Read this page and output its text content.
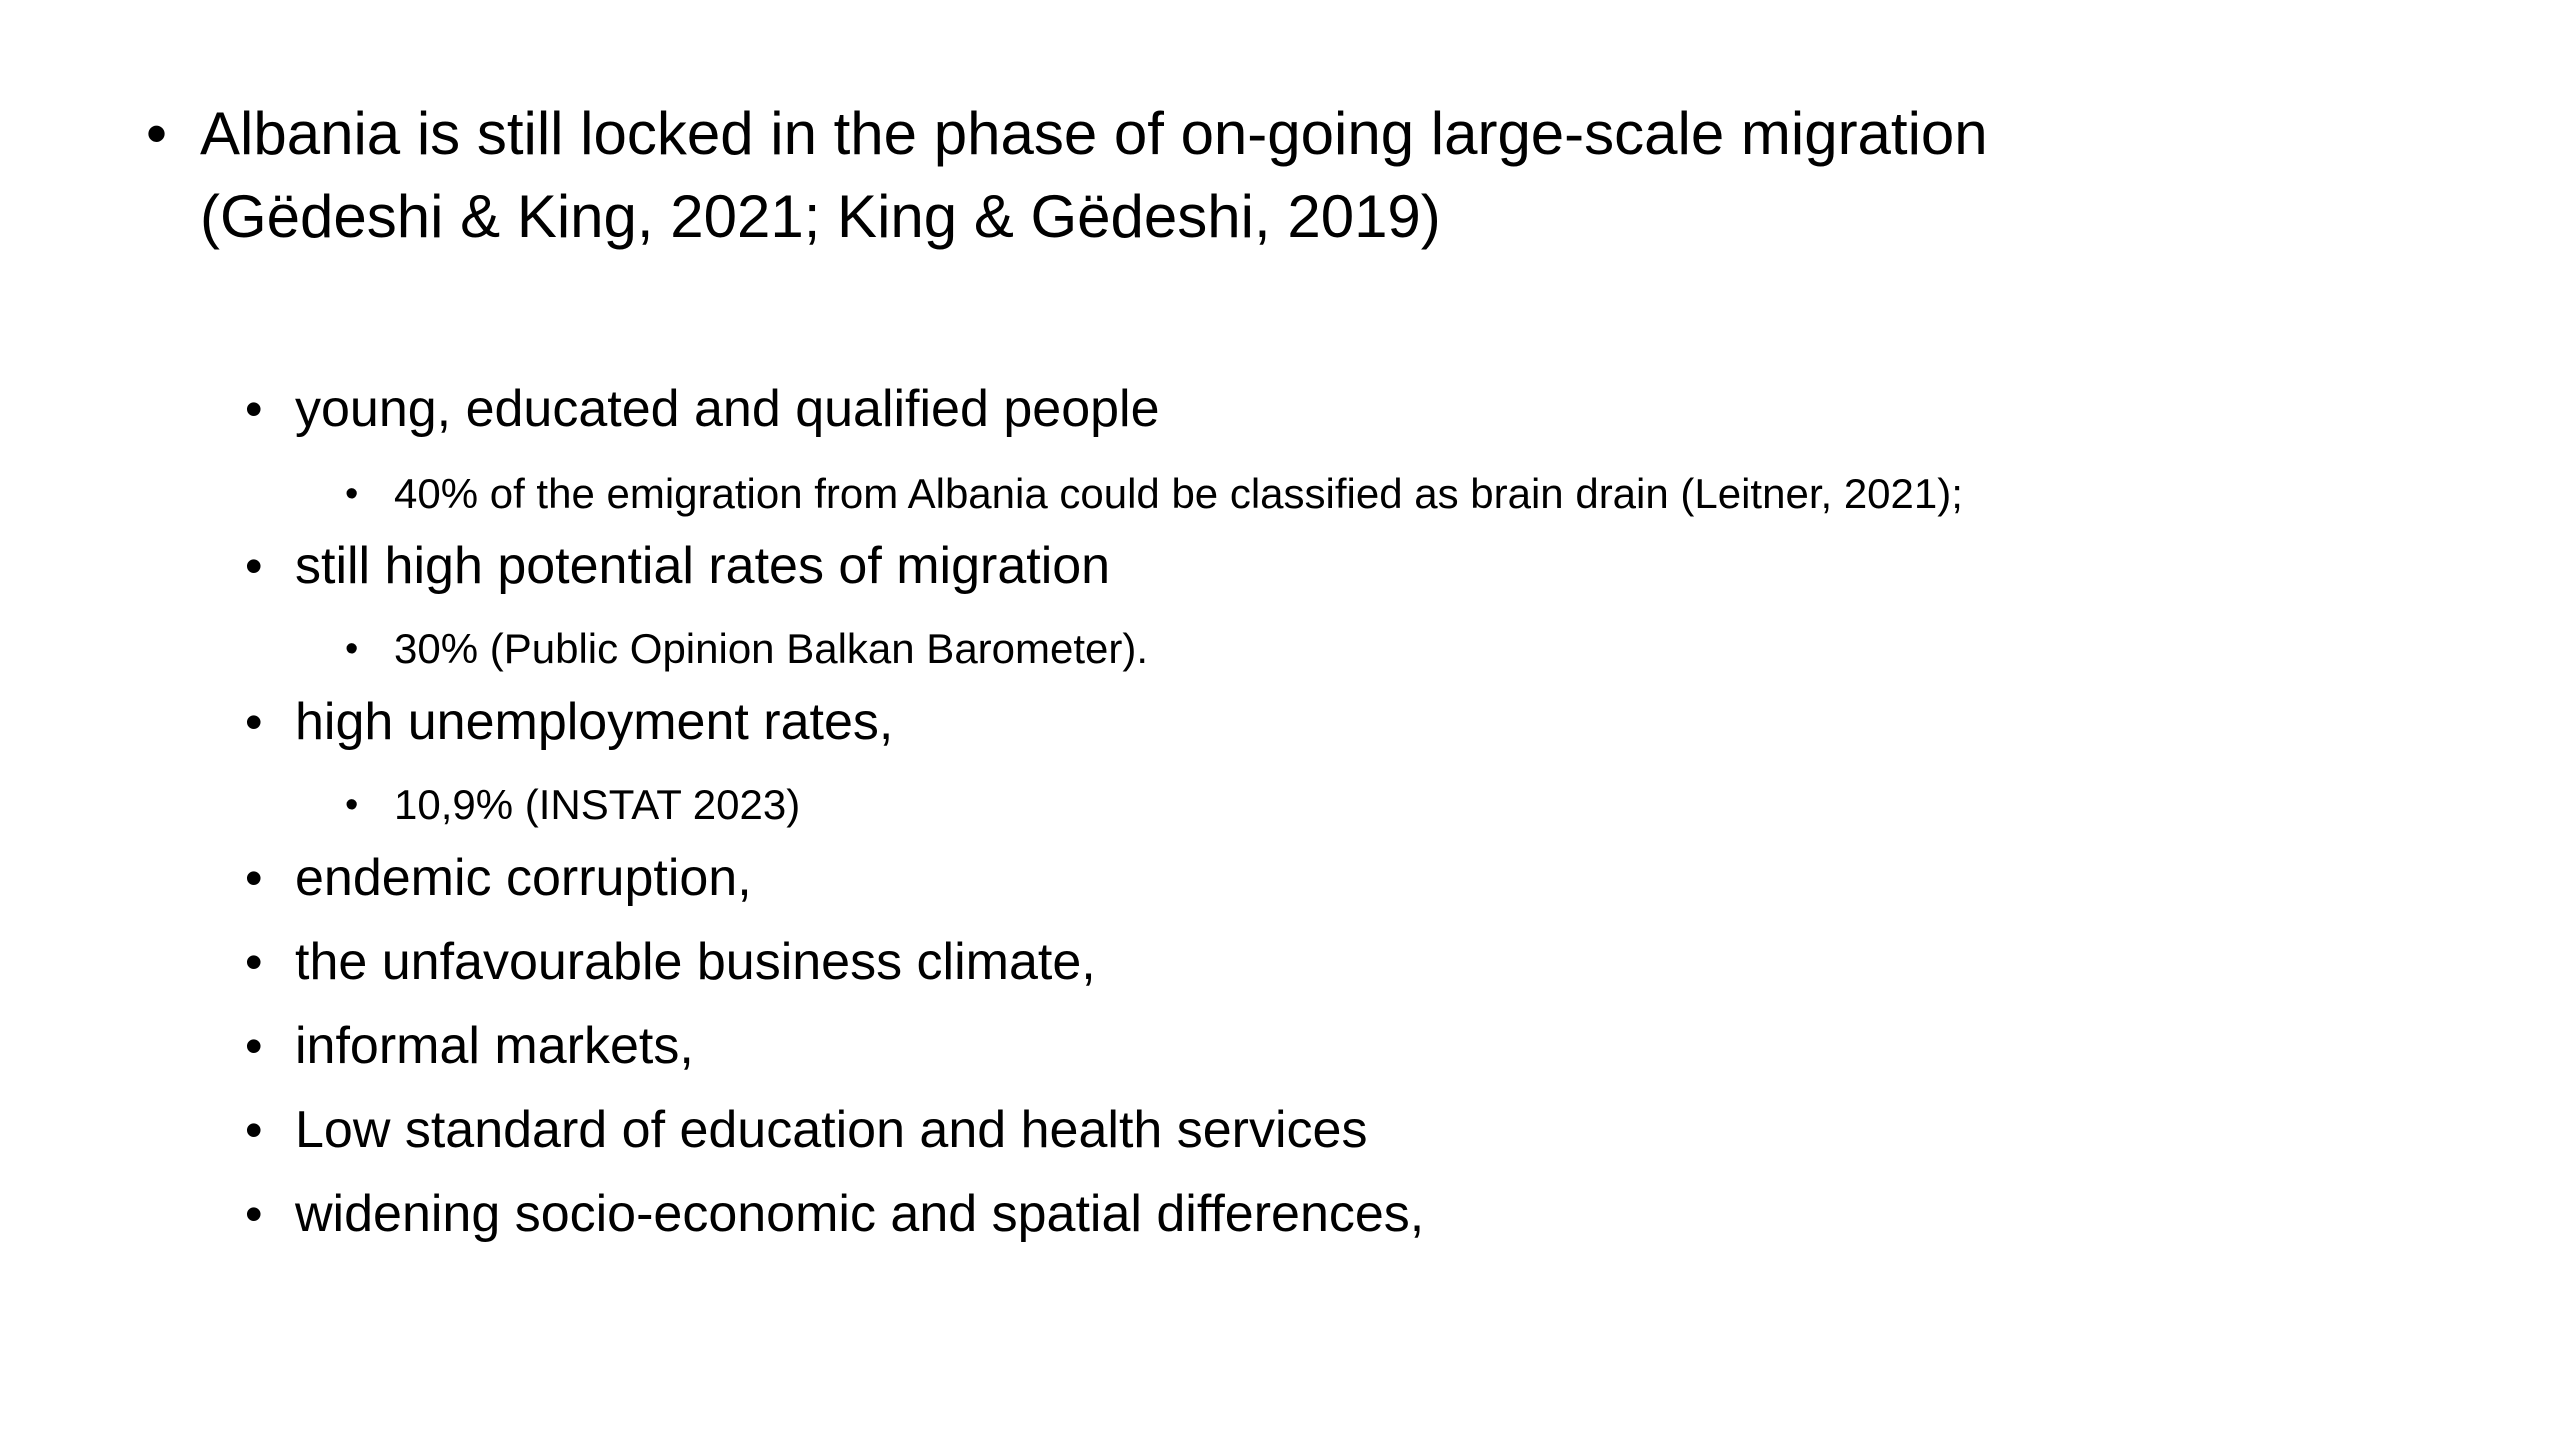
• Albania is still locked in the phase of on-going large-scale migration
(Gëdeshi & King, 2021; King & Gëdeshi, 2019)
• young, educated and qualified people
• 40% of the emigration from Albania could be classified as brain drain (Leitner, 2021);
• still high potential rates of migration
• 30% (Public Opinion Balkan Barometer).
• high unemployment rates,
• 10,9% (INSTAT 2023)
• endemic corruption,
• the unfavourable business climate,
• informal markets,
• Low standard of education and health services
• widening socio-economic and spatial differences,
